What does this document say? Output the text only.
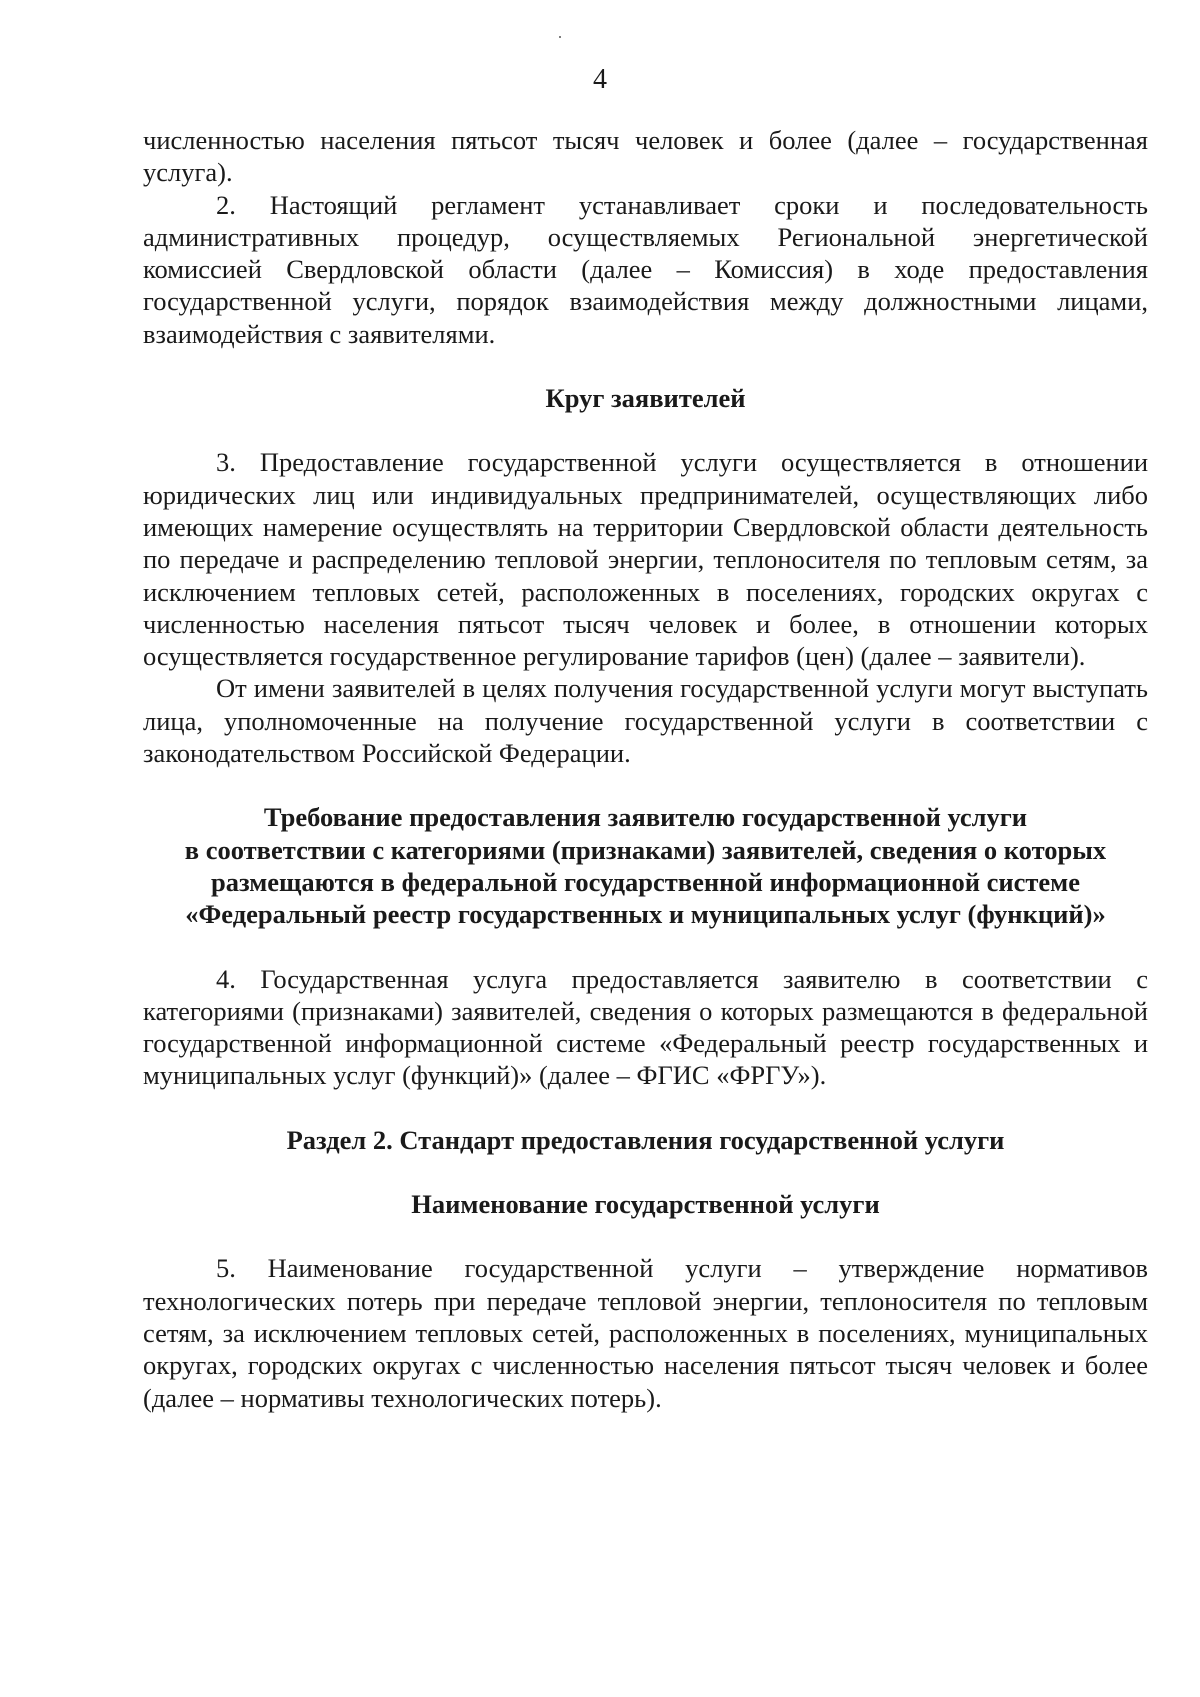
4

численностью населения пятьсот тысяч человек и более (далее – государственная услуга).

2. Настоящий регламент устанавливает сроки и последовательность административных процедур, осуществляемых Региональной энергетической комиссией Свердловской области (далее – Комиссия) в ходе предоставления государственной услуги, порядок взаимодействия между должностными лицами, взаимодействия с заявителями.

Круг заявителей

3. Предоставление государственной услуги осуществляется в отношении юридических лиц или индивидуальных предпринимателей, осуществляющих либо имеющих намерение осуществлять на территории Свердловской области деятельность по передаче и распределению тепловой энергии, теплоносителя по тепловым сетям, за исключением тепловых сетей, расположенных в поселениях, городских округах с численностью населения пятьсот тысяч человек и более, в отношении которых осуществляется государственное регулирование тарифов (цен) (далее – заявители).

От имени заявителей в целях получения государственной услуги могут выступать лица, уполномоченные на получение государственной услуги в соответствии с законодательством Российской Федерации.

Требование предоставления заявителю государственной услуги
в соответствии с категориями (признаками) заявителей, сведения о которых
размещаются в федеральной государственной информационной системе
«Федеральный реестр государственных и муниципальных услуг (функций)»

4. Государственная услуга предоставляется заявителю в соответствии с категориями (признаками) заявителей, сведения о которых размещаются в федеральной государственной информационной системе «Федеральный реестр государственных и муниципальных услуг (функций)» (далее – ФГИС «ФРГУ»).

Раздел 2. Стандарт предоставления государственной услуги
Наименование государственной услуги

5. Наименование государственной услуги – утверждение нормативов технологических потерь при передаче тепловой энергии, теплоносителя по тепловым сетям, за исключением тепловых сетей, расположенных в поселениях, муниципальных округах, городских округах с численностью населения пятьсот тысяч человек и более (далее – нормативы технологических потерь).
